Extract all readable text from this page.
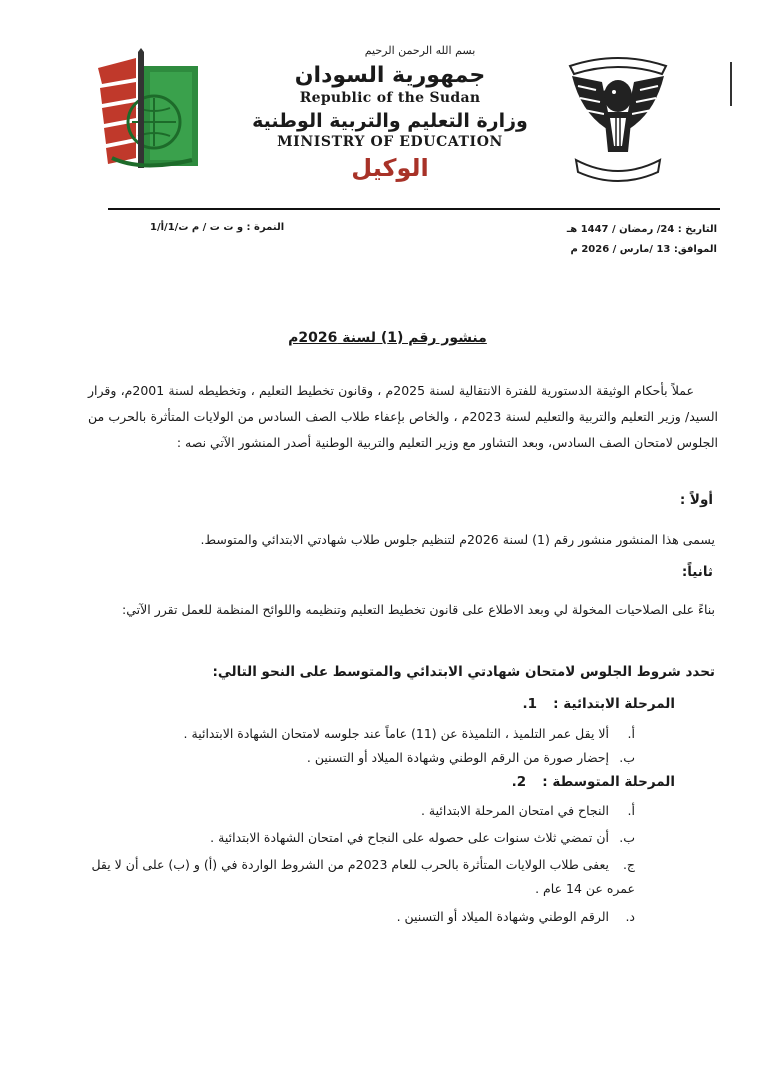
بسم الله الرحمن الرحيم
جمهورية السودان
Republic of the Sudan
وزارة التعليم والتربية الوطنية
MINISTRY OF EDUCATION
الوكيل
التاريخ : 24/ رمضان / 1447 هـ
الموافق: 13 /مارس / 2026 م
النمرة : و ت ت / م ت/1/أ/1
منشور رقم (1) لسنة 2026م
عملاً بأحكام الوثيقة الدستورية للفترة الانتقالية لسنة 2025م ، وقانون تخطيط التعليم ، وتخطيطه لسنة 2001م، وقرار السيد/ وزير التعليم والتربية والتعليم لسنة 2023م ، والخاص بإعفاء طلاب الصف السادس من الولايات المتأثرة بالحرب من الجلوس لامتحان الصف السادس، وبعد التشاور مع وزير التعليم والتربية الوطنية أصدر المنشور الآتي نصه :
أولاً :
يسمى هذا المنشور منشور رقم (1) لسنة 2026م لتنظيم جلوس طلاب شهادتي الابتدائي والمتوسط.
ثانياً:
بناءً على الصلاحيات المخولة لي وبعد الاطلاع على قانون تخطيط التعليم وتنظيمه واللوائح المنظمة للعمل تقرر الآتي:
تحدد شروط الجلوس لامتحان شهادتي الابتدائي والمتوسط على النحو التالي:
المرحلة الابتدائية : 1.
أ. ألا يقل عمر التلميذ ، التلميذة عن (11) عاماً عند جلوسه لامتحان الشهادة الابتدائية .
ب. إحضار صورة من الرقم الوطني وشهادة الميلاد أو التسنين .
المرحلة المتوسطة : 2.
أ. النجاح في امتحان المرحلة الابتدائية .
ب. أن تمضي ثلاث سنوات على حصوله على النجاح في امتحان الشهادة الابتدائية .
ج. يعفى طلاب الولايات المتأثرة بالحرب للعام 2023م من الشروط الواردة في (أ) و (ب) على أن لا يقل عمره عن 14 عام .
د. الرقم الوطني وشهادة الميلاد أو التسنين .
